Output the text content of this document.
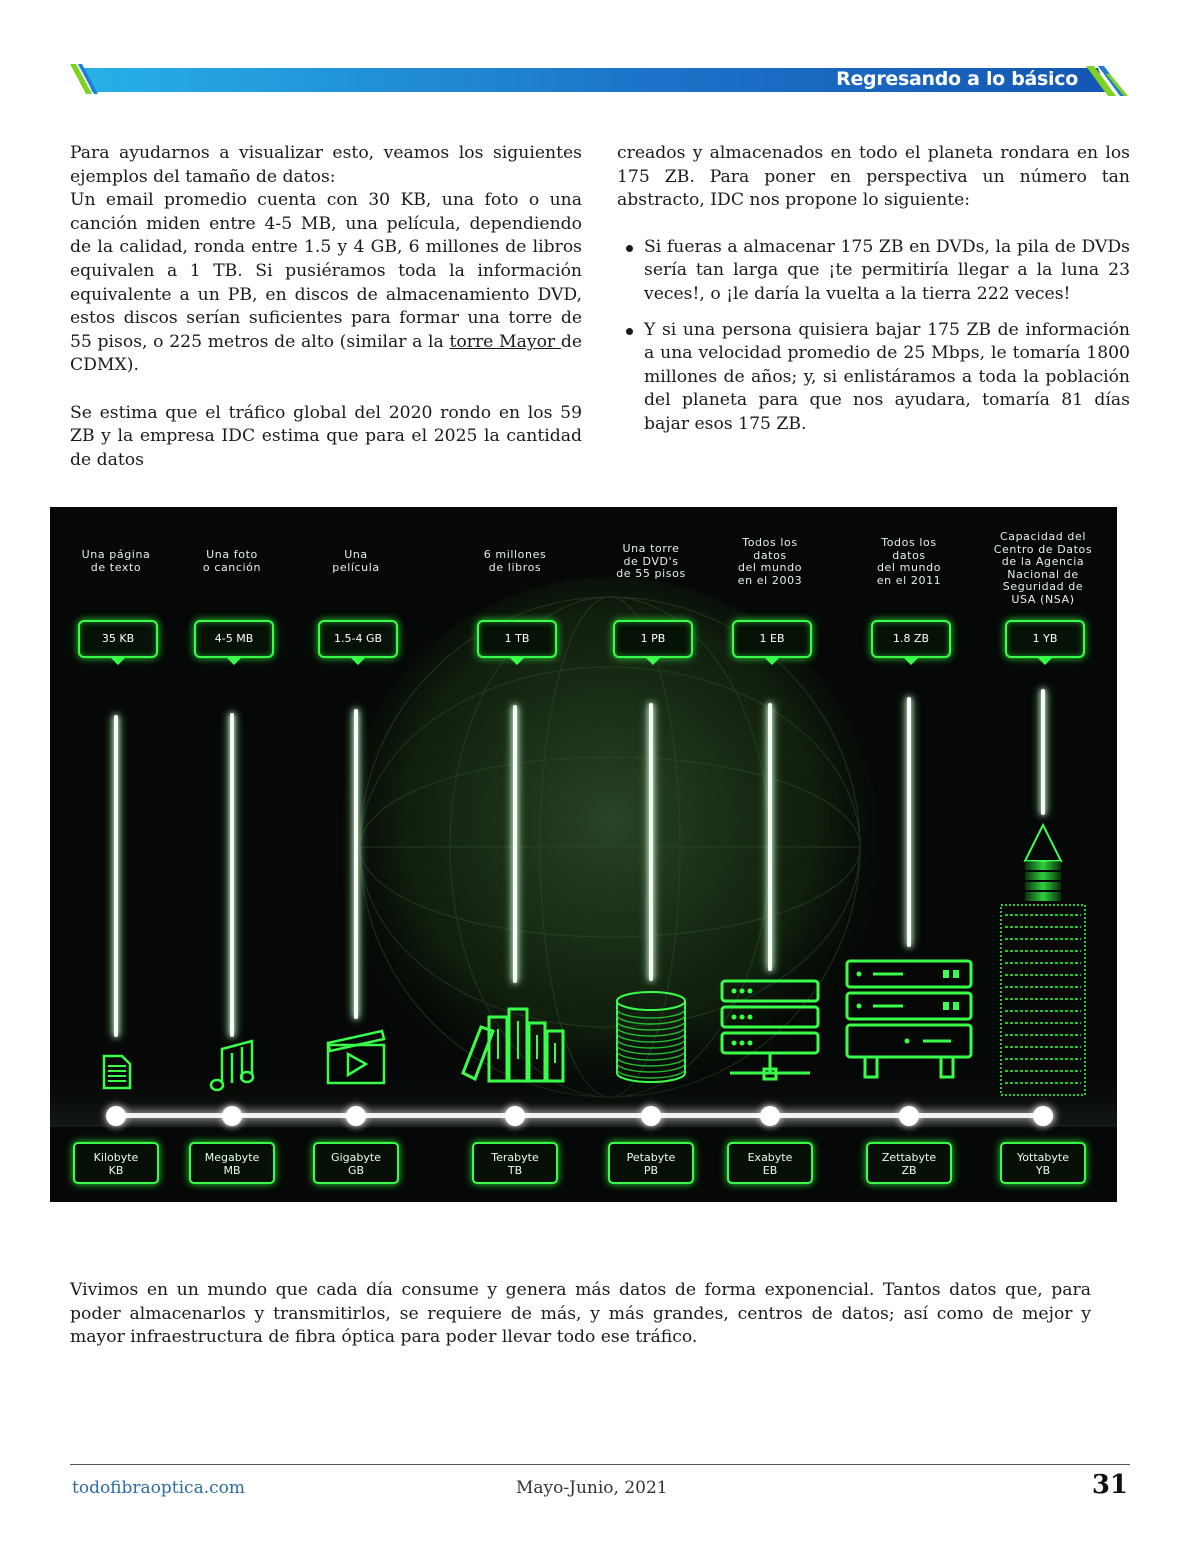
Regresando a lo básico

Para ayudarnos a visualizar esto, veamos los siguientes ejemplos del tamaño de datos:

Un email promedio cuenta con 30 KB, una foto o una canción miden entre 4-5 MB, una película, dependiendo de la calidad, ronda entre 1.5 y 4 GB, 6 millones de libros equivalen a 1 TB. Si pusiéramos toda la información equivalente a un PB, en discos de almacenamiento DVD, estos discos serían suficientes para formar una torre de 55 pisos, o 225 metros de alto (similar a la torre Mayor de CDMX).

Se estima que el tráfico global del 2020 rondo en los 59 ZB y la empresa IDC estima que para el 2025 la cantidad de datos

creados y almacenados en todo el planeta rondara en los 175 ZB. Para poner en perspectiva un número tan abstracto, IDC nos propone lo siguiente:

Si fueras a almacenar 175 ZB en DVDs, la pila de DVDs sería tan larga que ¡te permitiría llegar a la luna 23 veces!, o ¡le daría la vuelta a la tierra 222 veces!
Y si una persona quisiera bajar 175 ZB de información a una velocidad promedio de 25 Mbps, le tomaría 1800 millones de años; y, si enlistáramos a toda la población del planeta para que nos ayudara, tomaría 81 días bajar esos 175 ZB.
Una página
de texto
35 KB
Kilobyte
KB
Una foto
o canción
4-5 MB
Megabyte
MB
Una
película
1.5-4 GB
Gigabyte
GB
6 millones
de libros
1 TB
Terabyte
TB
Una torre
de DVD's
de 55 pisos
1 PB
Petabyte
PB
Todos los
datos
del mundo
en el 2003
1 EB
Exabyte
EB
Todos los
datos
del mundo
en el 2011
1.8 ZB
Zettabyte
ZB
Capacidad del
Centro de Datos
de la Agencia
Nacional de
Seguridad de
USA (NSA)
1 YB
Yottabyte
YB

Vivimos en un mundo que cada día consume y genera más datos de forma exponencial. Tantos datos que, para poder almacenarlos y transmitirlos, se requiere de más, y más grandes, centros de datos; así como de mejor y mayor infraestructura de fibra óptica para poder llevar todo ese tráfico.

todofibraoptica.com	Mayo-Junio, 2021	31
